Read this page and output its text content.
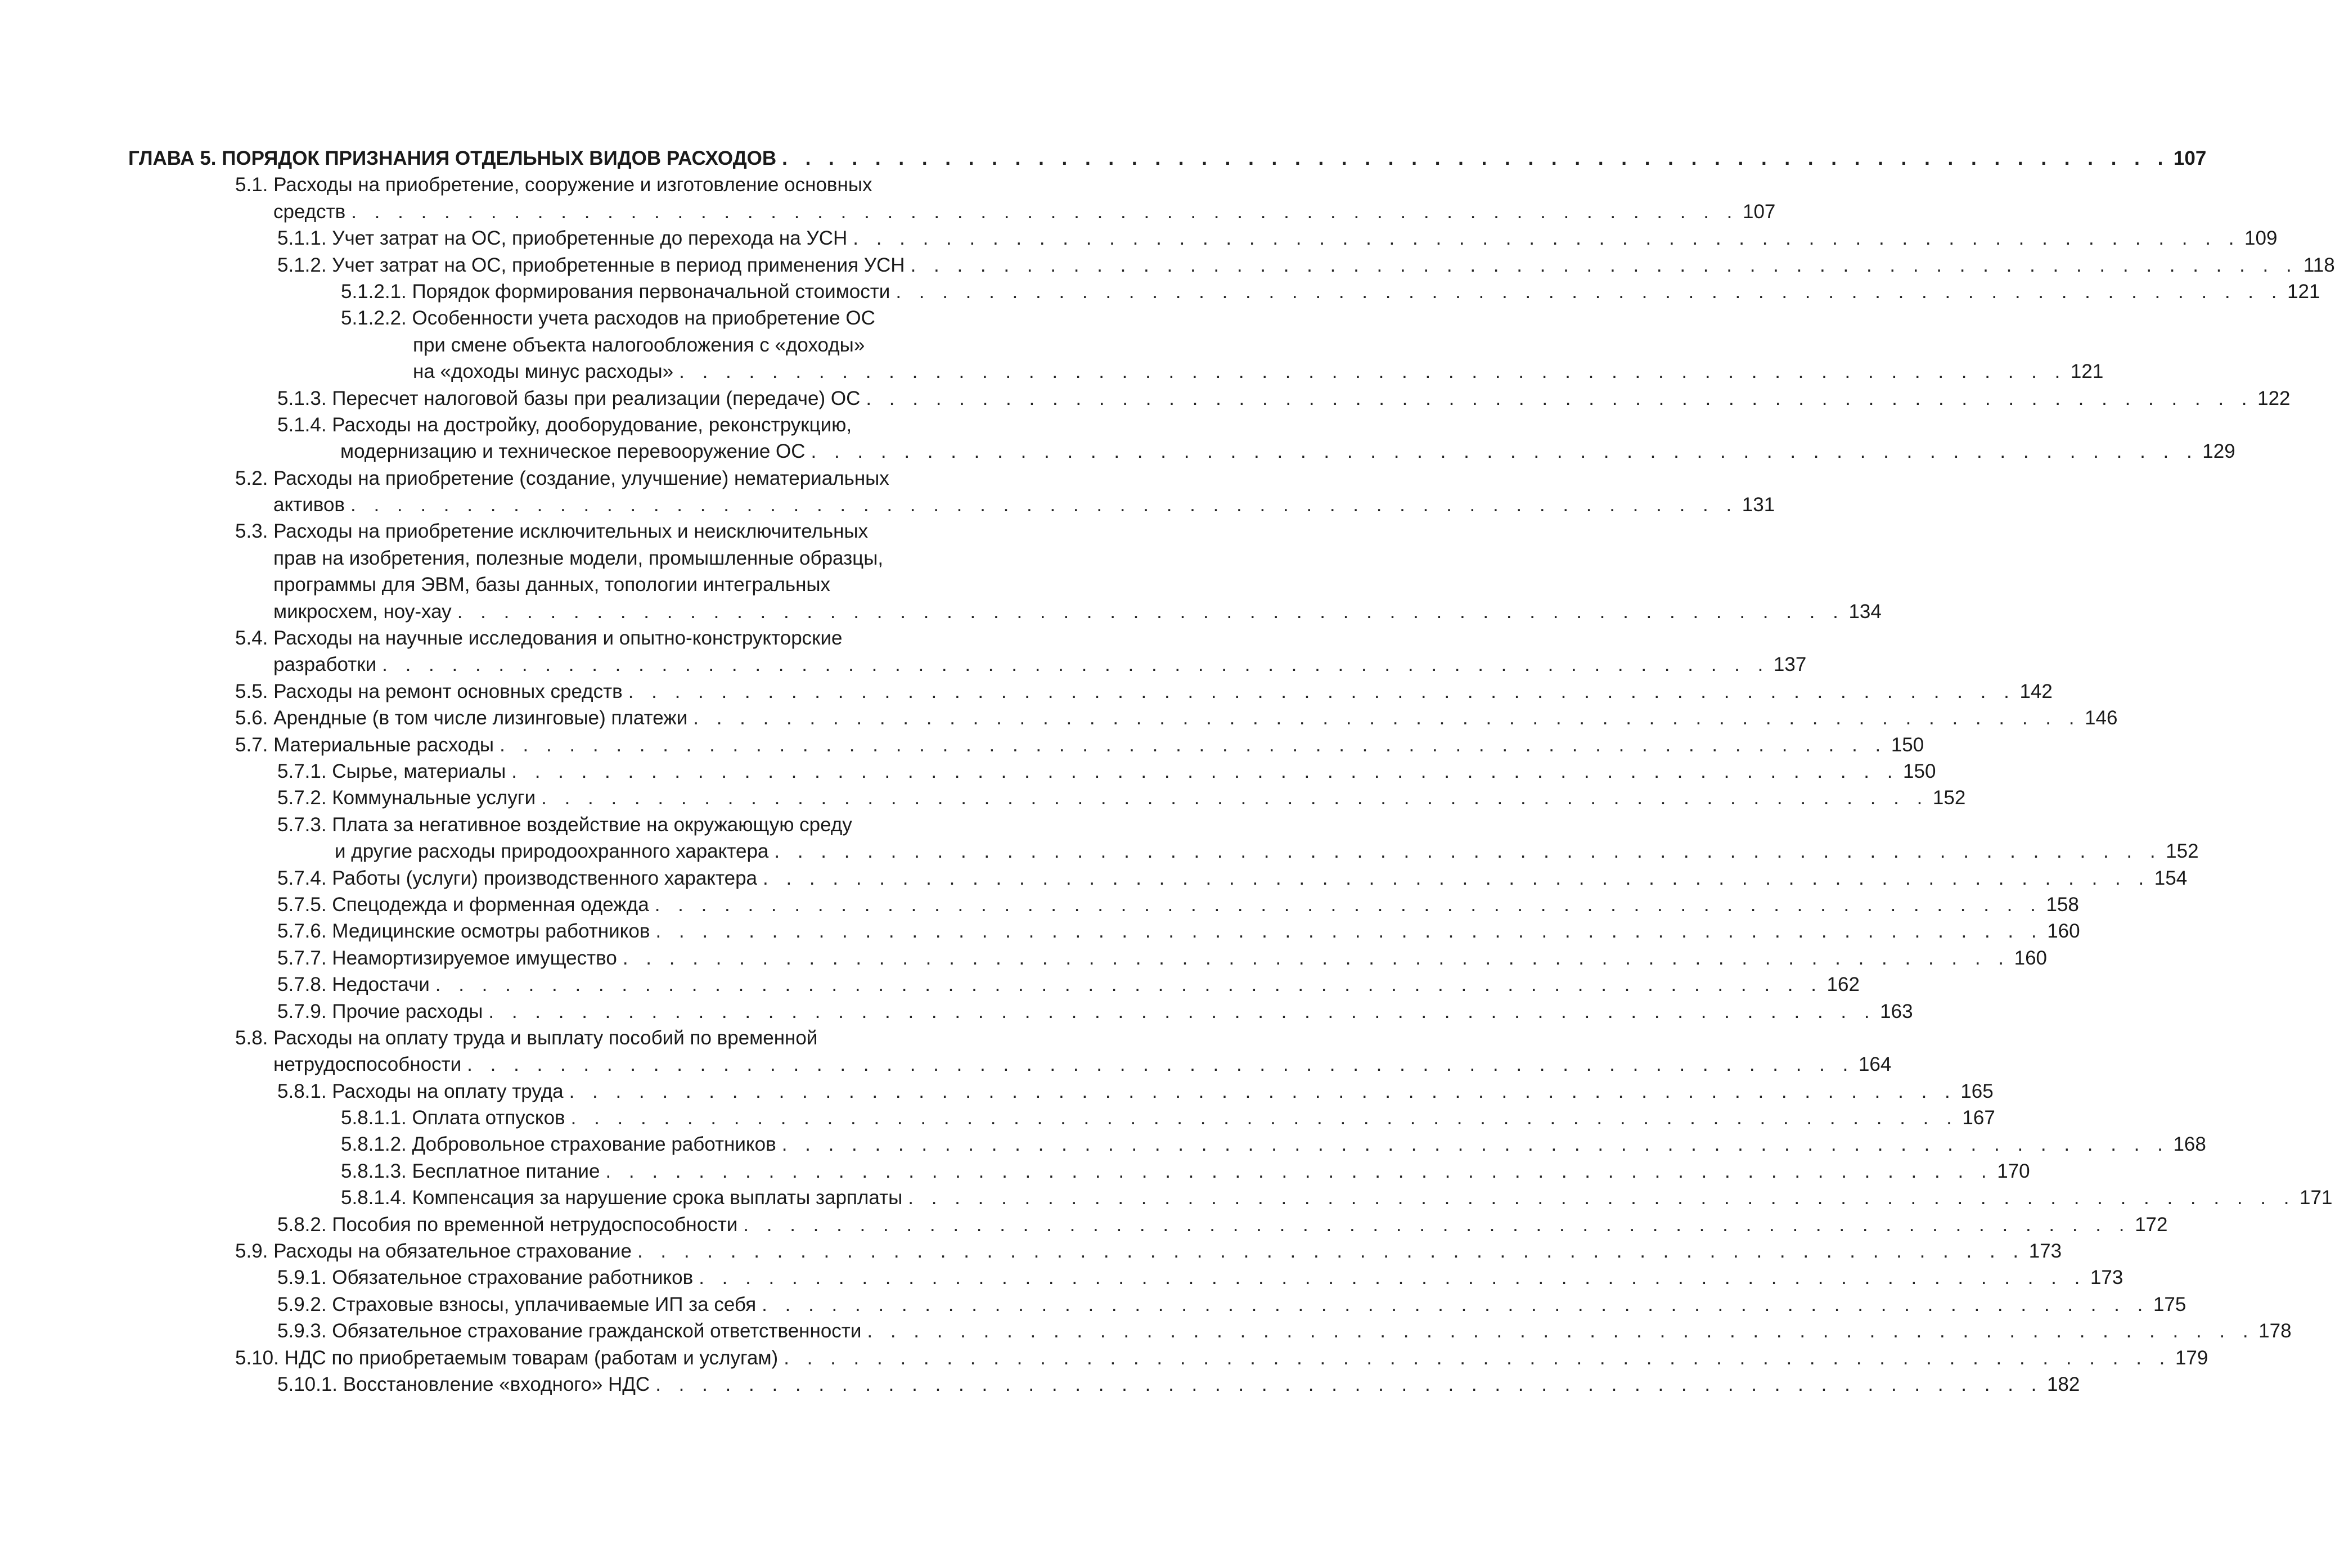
ГЛАВА 5. ПОРЯДОК ПРИЗНАНИЯ ОТДЕЛЬНЫХ ВИДОВ РАСХОДОВ . . . . . . . . . . . . . . . . . . . . . . . . . . . . . . . . . . . . . . . . . . . . . . . . . . . . . . . . . . . . 107
5.1. Расходы на приобретение, сооружение и изготовление основных
средств . . . . . . . . . . . . . . . . . . . . . . . . . . . . . . . . . . . . . . . . . . . . . . . . . . . . . . . . . . . . 107
5.1.1. Учет затрат на ОС, приобретенные до перехода на УСН . . . . . . . . . . . . . . . . . . . . . . . . . . . . . . . . . . . . . . . . . . . . . . . . . . . . . . . . . . . . 109
5.1.2. Учет затрат на ОС, приобретенные в период применения УСН . . . . . . . . . . . . . . . . . . . . . . . . . . . . . . . . . . . . . . . . . . . . . . . . . . . . . . . . . . . . 118
5.1.2.1. Порядок формирования первоначальной стоимости . . . . . . . . . . . . . . . . . . . . . . . . . . . . . . . . . . . . . . . . . . . . . . . . . . . . . . . . . . . . 121
5.1.2.2. Особенности учета расходов на приобретение ОС
при смене объекта налогообложения с «доходы»
на «доходы минус расходы» . . . . . . . . . . . . . . . . . . . . . . . . . . . . . . . . . . . . . . . . . . . . . . . . . . . . . . . . . . . . 121
5.1.3. Пересчет налоговой базы при реализации (передаче) ОС . . . . . . . . . . . . . . . . . . . . . . . . . . . . . . . . . . . . . . . . . . . . . . . . . . . . . . . . . . . . 122
5.1.4. Расходы на достройку, дооборудование, реконструкцию,
модернизацию и техническое перевооружение ОС . . . . . . . . . . . . . . . . . . . . . . . . . . . . . . . . . . . . . . . . . . . . . . . . . . . . . . . . . . . . 129
5.2. Расходы на приобретение (создание, улучшение) нематериальных
активов . . . . . . . . . . . . . . . . . . . . . . . . . . . . . . . . . . . . . . . . . . . . . . . . . . . . . . . . . . . . 131
5.3. Расходы на приобретение исключительных и неисключительных
прав на изобретения, полезные модели, промышленные образцы,
программы для ЭВМ, базы данных, топологии интегральных
микросхем, ноу-хау . . . . . . . . . . . . . . . . . . . . . . . . . . . . . . . . . . . . . . . . . . . . . . . . . . . . . . . . . . . . 134
5.4. Расходы на научные исследования и опытно-конструкторские
разработки . . . . . . . . . . . . . . . . . . . . . . . . . . . . . . . . . . . . . . . . . . . . . . . . . . . . . . . . . . . . 137
5.5. Расходы на ремонт основных средств . . . . . . . . . . . . . . . . . . . . . . . . . . . . . . . . . . . . . . . . . . . . . . . . . . . . . . . . . . . . 142
5.6. Арендные (в том числе лизинговые) платежи . . . . . . . . . . . . . . . . . . . . . . . . . . . . . . . . . . . . . . . . . . . . . . . . . . . . . . . . . . . . 146
5.7. Материальные расходы . . . . . . . . . . . . . . . . . . . . . . . . . . . . . . . . . . . . . . . . . . . . . . . . . . . . . . . . . . . . 150
5.7.1. Сырье, материалы . . . . . . . . . . . . . . . . . . . . . . . . . . . . . . . . . . . . . . . . . . . . . . . . . . . . . . . . . . . . 150
5.7.2. Коммунальные услуги . . . . . . . . . . . . . . . . . . . . . . . . . . . . . . . . . . . . . . . . . . . . . . . . . . . . . . . . . . . . 152
5.7.3. Плата за негативное воздействие на окружающую среду
и другие расходы природоохранного характера . . . . . . . . . . . . . . . . . . . . . . . . . . . . . . . . . . . . . . . . . . . . . . . . . . . . . . . . . . . . 152
5.7.4. Работы (услуги) производственного характера . . . . . . . . . . . . . . . . . . . . . . . . . . . . . . . . . . . . . . . . . . . . . . . . . . . . . . . . . . . . 154
5.7.5. Спецодежда и форменная одежда . . . . . . . . . . . . . . . . . . . . . . . . . . . . . . . . . . . . . . . . . . . . . . . . . . . . . . . . . . . . 158
5.7.6. Медицинские осмотры работников . . . . . . . . . . . . . . . . . . . . . . . . . . . . . . . . . . . . . . . . . . . . . . . . . . . . . . . . . . . . 160
5.7.7. Неамортизируемое имущество . . . . . . . . . . . . . . . . . . . . . . . . . . . . . . . . . . . . . . . . . . . . . . . . . . . . . . . . . . . . 160
5.7.8. Недостачи . . . . . . . . . . . . . . . . . . . . . . . . . . . . . . . . . . . . . . . . . . . . . . . . . . . . . . . . . . . . 162
5.7.9. Прочие расходы . . . . . . . . . . . . . . . . . . . . . . . . . . . . . . . . . . . . . . . . . . . . . . . . . . . . . . . . . . . . 163
5.8. Расходы на оплату труда и выплату пособий по временной
нетрудоспособности . . . . . . . . . . . . . . . . . . . . . . . . . . . . . . . . . . . . . . . . . . . . . . . . . . . . . . . . . . . . 164
5.8.1. Расходы на оплату труда . . . . . . . . . . . . . . . . . . . . . . . . . . . . . . . . . . . . . . . . . . . . . . . . . . . . . . . . . . . . 165
5.8.1.1. Оплата отпусков . . . . . . . . . . . . . . . . . . . . . . . . . . . . . . . . . . . . . . . . . . . . . . . . . . . . . . . . . . . . 167
5.8.1.2. Добровольное страхование работников . . . . . . . . . . . . . . . . . . . . . . . . . . . . . . . . . . . . . . . . . . . . . . . . . . . . . . . . . . . . 168
5.8.1.3. Бесплатное питание . . . . . . . . . . . . . . . . . . . . . . . . . . . . . . . . . . . . . . . . . . . . . . . . . . . . . . . . . . . . 170
5.8.1.4. Компенсация за нарушение срока выплаты зарплаты . . . . . . . . . . . . . . . . . . . . . . . . . . . . . . . . . . . . . . . . . . . . . . . . . . . . . . . . . . . . 171
5.8.2. Пособия по временной нетрудоспособности . . . . . . . . . . . . . . . . . . . . . . . . . . . . . . . . . . . . . . . . . . . . . . . . . . . . . . . . . . . . 172
5.9. Расходы на обязательное страхование . . . . . . . . . . . . . . . . . . . . . . . . . . . . . . . . . . . . . . . . . . . . . . . . . . . . . . . . . . . . 173
5.9.1. Обязательное страхование работников . . . . . . . . . . . . . . . . . . . . . . . . . . . . . . . . . . . . . . . . . . . . . . . . . . . . . . . . . . . . 173
5.9.2. Страховые взносы, уплачиваемые ИП за себя . . . . . . . . . . . . . . . . . . . . . . . . . . . . . . . . . . . . . . . . . . . . . . . . . . . . . . . . . . . . 175
5.9.3. Обязательное страхование гражданской ответственности . . . . . . . . . . . . . . . . . . . . . . . . . . . . . . . . . . . . . . . . . . . . . . . . . . . . . . . . . . . . 178
5.10. НДС по приобретаемым товарам (работам и услугам) . . . . . . . . . . . . . . . . . . . . . . . . . . . . . . . . . . . . . . . . . . . . . . . . . . . . . . . . . . . . 179
5.10.1. Восстановление «входного» НДС . . . . . . . . . . . . . . . . . . . . . . . . . . . . . . . . . . . . . . . . . . . . . . . . . . . . . . . . . . . . 182
